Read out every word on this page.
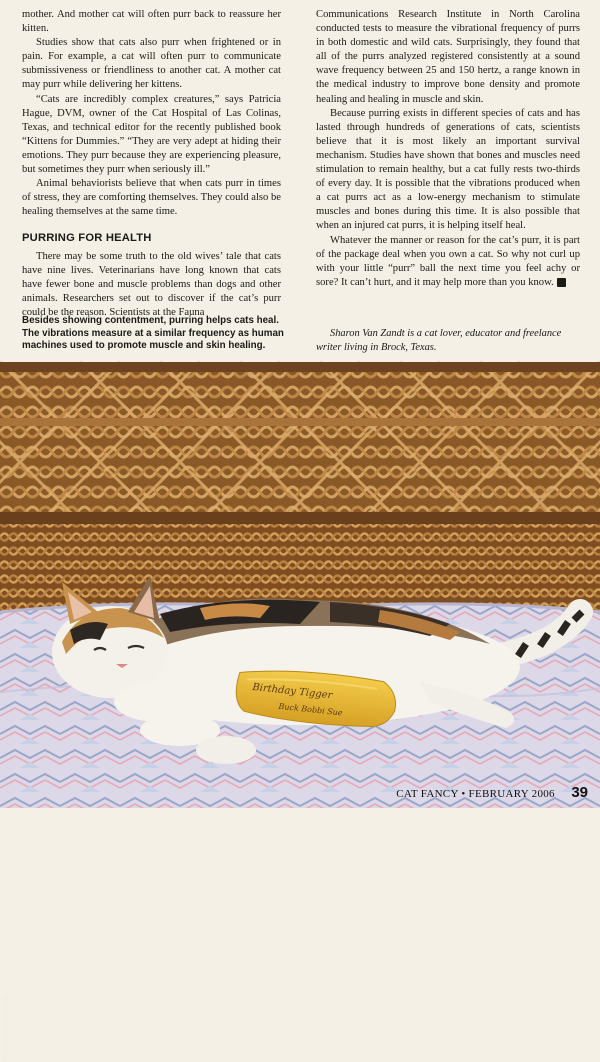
mother. And mother cat will often purr back to reassure her kitten.

Studies show that cats also purr when frightened or in pain. For example, a cat will often purr to communicate submissiveness or friendliness to another cat. A mother cat may purr while delivering her kittens.

“Cats are incredibly complex creatures,” says Patricia Hague, DVM, owner of the Cat Hospital of Las Colinas, Texas, and technical editor for the recently published book “Kittens for Dummies.” “They are very adept at hiding their emotions. They purr because they are experiencing pleasure, but sometimes they purr when seriously ill.”

Animal behaviorists believe that when cats purr in times of stress, they are comforting themselves. They could also be healing themselves at the same time.

PURRING FOR HEALTH

There may be some truth to the old wives’ tale that cats have nine lives. Veterinarians have long known that cats have fewer bone and muscle problems than dogs and other animals. Researchers set out to discover if the cat’s purr could be the reason. Scientists at the Fauna

Besides showing contentment, purring helps cats heal. The vibrations measure at a similar frequency as human machines used to promote muscle and skin healing.

Communications Research Institute in North Carolina conducted tests to measure the vibrational frequency of purrs in both domestic and wild cats. Surprisingly, they found that all of the purrs analyzed registered consistently at a sound wave frequency between 25 and 150 hertz, a range known in the medical industry to improve bone density and promote healing and healing in muscle and skin.

Because purring exists in different species of cats and has lasted through hundreds of generations of cats, scientists believe that it is most likely an important survival mechanism. Studies have shown that bones and muscles need stimulation to remain healthy, but a cat fully rests two-thirds of every day. It is possible that the vibrations produced when a cat purrs act as a low-energy mechanism to stimulate muscles and bones during this time. It is also possible that when an injured cat purrs, it is helping itself heal.

Whatever the manner or reason for the cat’s purr, it is part of the package deal when you own a cat. So why not curl up with your little “purr” ball the next time you feel achy or sore? It can’t hurt, and it may help more than you know. CF

Sharon Van Zandt is a cat lover, educator and freelance writer living in Brock, Texas.
Birthday Tigger
Buck Bobbi Sue
RENEE STOCKDALE
CAT FANCY • FEBRUARY 2006 39
